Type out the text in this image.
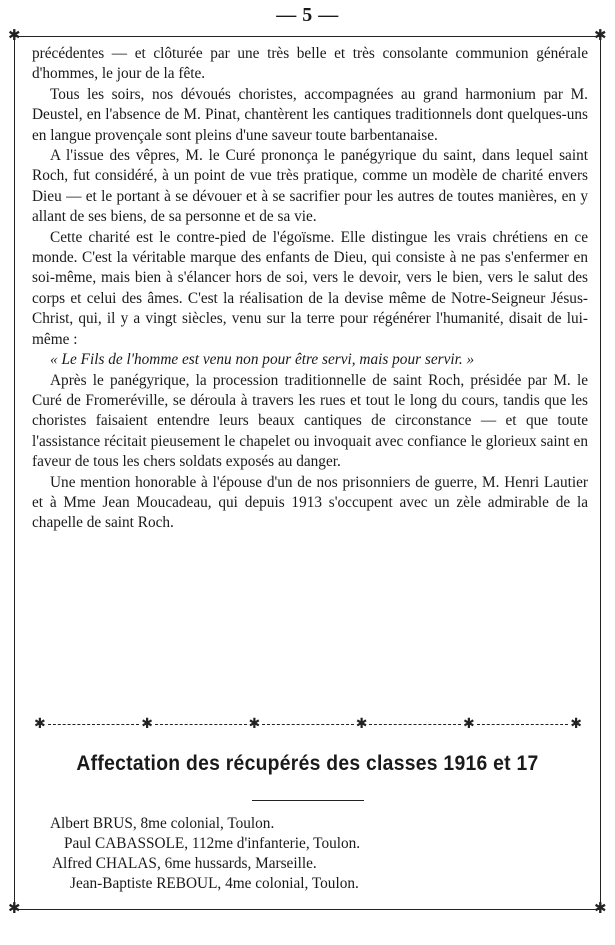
— 5 —
✱	✱
✱	✱

précédentes — et clôturée par une très belle et très consolante communion générale d'hommes, le jour de la fête.

Tous les soirs, nos dévoués choristes, accompagnées au grand harmonium par M. Deustel, en l'absence de M. Pinat, chantèrent les cantiques traditionnels dont quelques-uns en langue provençale sont pleins d'une saveur toute barbentanaise.

A l'issue des vêpres, M. le Curé prononça le panégyrique du saint, dans lequel saint Roch, fut considéré, à un point de vue très pratique, comme un modèle de charité envers Dieu — et le portant à se dévouer et à se sacrifier pour les autres de toutes manières, en y allant de ses biens, de sa personne et de sa vie.

Cette charité est le contre-pied de l'égoïsme. Elle distingue les vrais chrétiens en ce monde. C'est la véritable marque des enfants de Dieu, qui consiste à ne pas s'enfermer en soi-même, mais bien à s'élancer hors de soi, vers le devoir, vers le bien, vers le salut des corps et celui des âmes. C'est la réalisation de la devise même de Notre-Seigneur Jésus-Christ, qui, il y a vingt siècles, venu sur la terre pour régénérer l'humanité, disait de lui-même :

« Le Fils de l'homme est venu non pour être servi, mais pour servir. »

Après le panégyrique, la procession traditionnelle de saint Roch, présidée par M. le Curé de Fromeréville, se déroula à travers les rues et tout le long du cours, tandis que les choristes faisaient entendre leurs beaux cantiques de circonstance — et que toute l'assistance récitait pieusement le chapelet ou invoquait avec confiance le glorieux saint en faveur de tous les chers soldats exposés au danger.

Une mention honorable à l'épouse d'un de nos prisonniers de guerre, M. Henri Lautier et à Mme Jean Moucadeau, qui depuis 1913 s'occupent avec un zèle admirable de la chapelle de saint Roch.

✱	✱	✱	✱	✱	✱
Affectation des récupérés des classes 1916 et 17
Albert BRUS, 8me colonial, Toulon.
Paul CABASSOLE, 112me d'infanterie, Toulon.
Alfred CHALAS, 6me hussards, Marseille.
Jean-Baptiste REBOUL, 4me colonial, Toulon.
